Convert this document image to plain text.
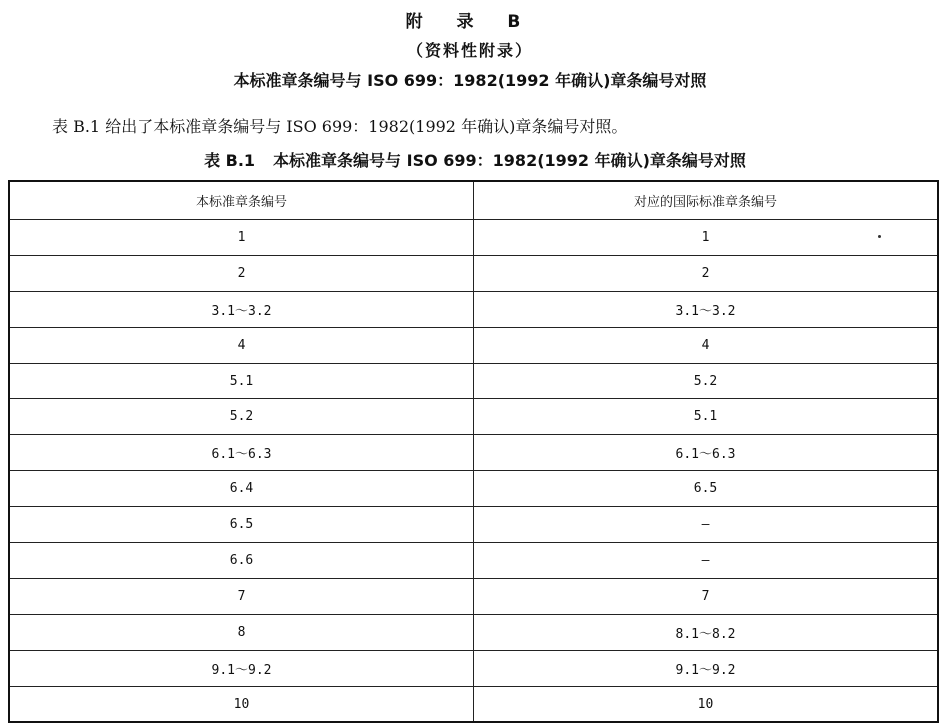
附 录 B
（资料性附录）
本标准章条编号与 ISO 699：1982(1992 年确认)章条编号对照
表 B.1 给出了本标准章条编号与 ISO 699：1982(1992 年确认)章条编号对照。
表 B.1 本标准章条编号与 ISO 699：1982(1992 年确认)章条编号对照
本标准章条编号	对应的国际标准章条编号
1	1
2	2
3.1～3.2	3.1～3.2
4	4
5.1	5.2
5.2	5.1
6.1～6.3	6.1～6.3
6.4	6.5
6.5	—
6.6	—
7	7
8	8.1～8.2
9.1～9.2	9.1～9.2
10	10
